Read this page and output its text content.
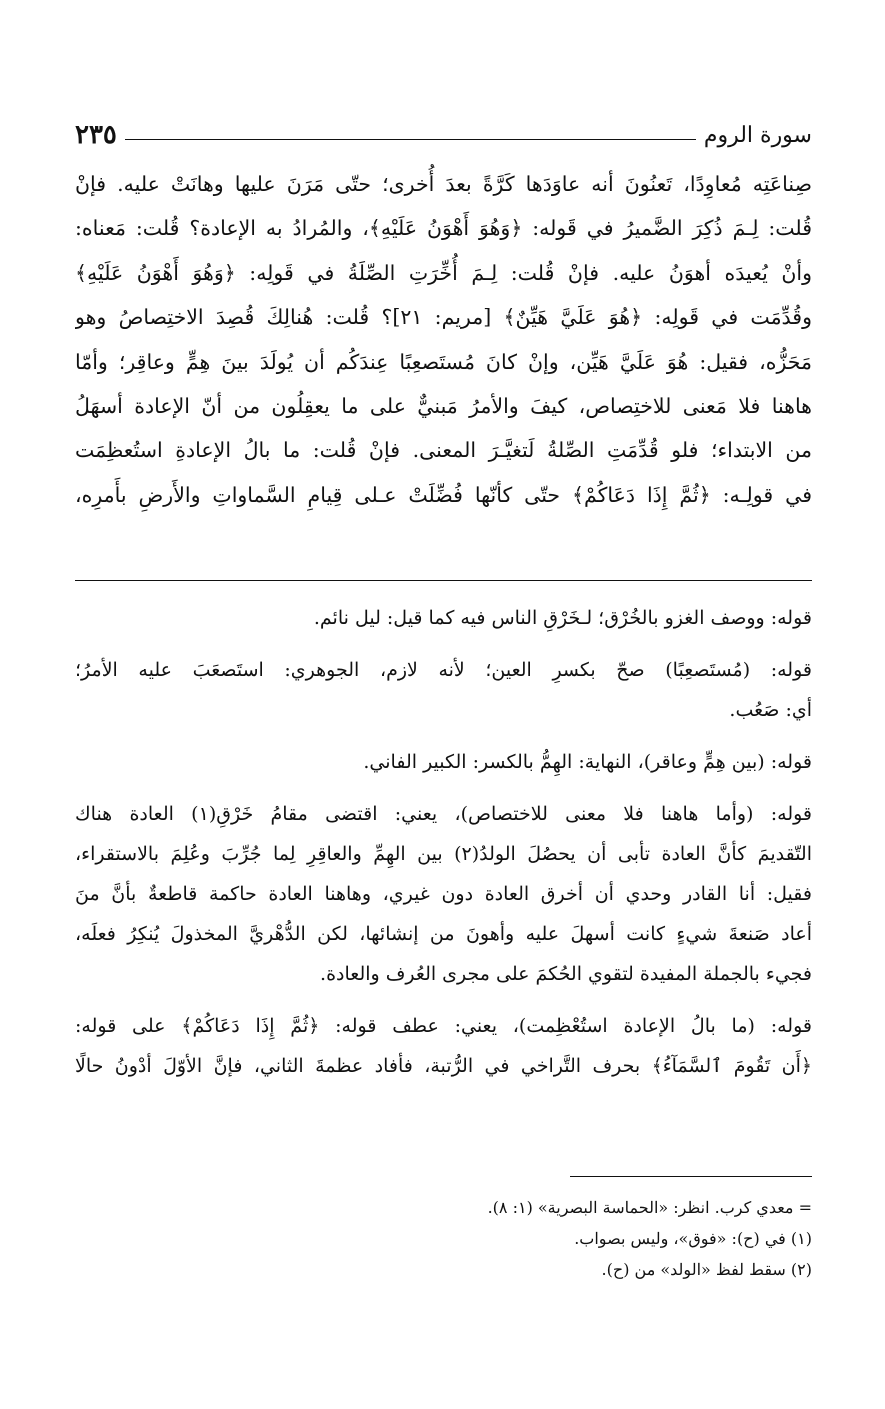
سورة الروم
٢٣٥
صِناعَتِه مُعاوِدًا، تَعنُونَ أنه عاوَدَها كَرَّةً بعدَ أُخرى؛ حتّى مَرَنَ عليها وهانَتْ عليه. فإنْ
قُلت: لِـمَ ذُكِرَ الضَّميرُ في قَوله: ﴿وَهُوَ أَهْوَنُ عَلَيْهِ﴾، والمُرادُ به الإعادة؟ قُلت: مَعناه:
وأنْ يُعيدَه أهوَنُ عليه. فإنْ قُلت: لِـمَ أُخِّرَتِ الصِّلَةُ في قَولِه: ﴿وَهُوَ أَهْوَنُ عَلَيْهِ﴾
وقُدِّمَت في قَولِه: ﴿هُوَ عَلَيَّ هَيِّنٌ﴾ [مريم: ٢١]؟ قُلت: هُنالِكَ قُصِدَ الاختِصاصُ وهو
مَحَزُّه، فقيل: هُوَ عَلَيَّ هَيِّن، وإنْ كانَ مُستَصعِبًا عِندَكُم أن يُولَدَ بينَ هِمٍّ وعاقِر؛ وأمّا
هاهنا فلا مَعنى للاختِصاص، كيفَ والأمرُ مَبنيٌّ على ما يعقِلُون من أنّ الإعادة أسهَلُ
من الابتداء؛ فلو قُدِّمَتِ الصِّلةُ لَتغيَّـرَ المعنى. فإنْ قُلت: ما بالُ الإعادةِ استُعظِمَت
في قولِـه: ﴿ثُمَّ إِذَا دَعَاكُمْ﴾ حتّى كأنّها فُضِّلَتْ عـلى قِيامِ السَّماواتِ والأَرضِ بأَمرِه،
قوله: ووصف الغزو بالخُرْق؛ لـخَرْقِ الناس فيه كما قيل: ليل نائم.
قوله: (مُستَصعِبًا) صحّ بكسرِ العين؛ لأنه لازم، الجوهري: استَصعَبَ عليه الأمرُ؛
أي: صَعُب.
قوله: (بين هِمٍّ وعاقر)، النهاية: الهِمُّ بالكسر: الكبير الفاني.
قوله: (وأما هاهنا فلا معنى للاختصاص)، يعني: اقتضى مقامُ خَرْقِ(١) العادة هناك
التّقديمَ كأنَّ العادة تأبى أن يحصُلَ الولدُ(٢) بين الهِمِّ والعاقِرِ لِما جُرِّبَ وعُلِمَ بالاستقراء،
فقيل: أنا القادر وحدي أن أخرق العادة دون غيري، وهاهنا العادة حاكمة قاطعةٌ بأنَّ منَ
أعاد صَنعةَ شيءٍ كانت أسهلَ عليه وأهونَ من إنشائها، لكن الدُّهْريَّ المخذولَ يُنكِرُ فعلَه،
فجيء بالجملة المفيدة لتقوي الحُكمَ على مجرى العُرف والعادة.
قوله: (ما بالُ الإعادة استُعْظِمت)، يعني: عطف قوله: ﴿ثُمَّ إِذَا دَعَاكُمْ﴾ على قوله:
﴿أَن تَقُومَ ٱلسَّمَآءُ﴾ بحرف التَّراخي في الرُّتبة، فأفاد عظمةَ الثاني، فإنَّ الأوّلَ أدْونُ حالًا
= معدي كرب. انظر: «الحماسة البصرية» (١: ٨).
(١) في (ح): «فوق»، وليس بصواب.
(٢) سقط لفظ «الولد» من (ح).
